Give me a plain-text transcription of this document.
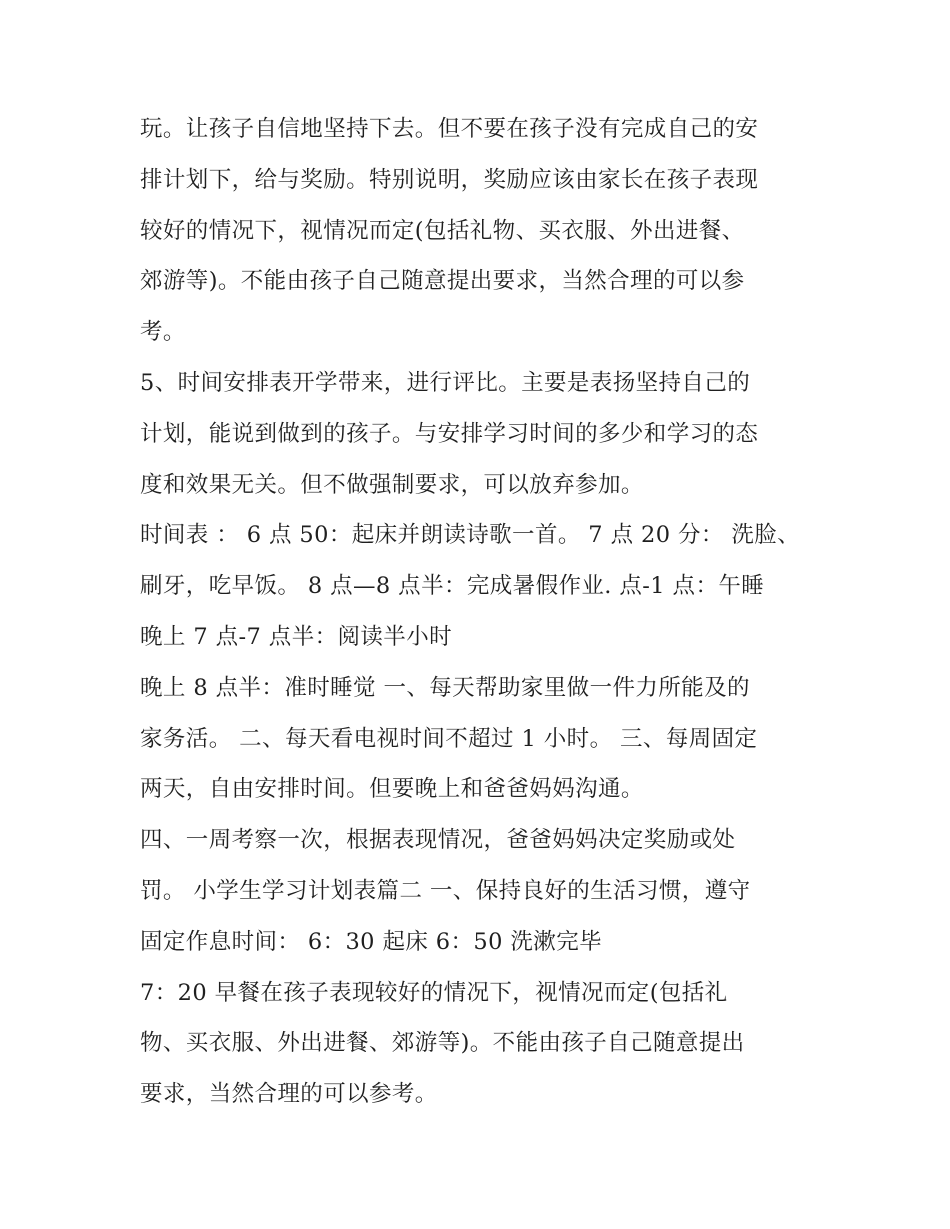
玩。让孩子自信地坚持下去。但不要在孩子没有完成自己的安
排计划下，给与奖励。特别说明，奖励应该由家长在孩子表现
较好的情况下，视情况而定(包括礼物、买衣服、外出进餐、
郊游等)。不能由孩子自己随意提出要求，当然合理的可以参
考。
5、时间安排表开学带来，进行评比。主要是表扬坚持自己的
计划，能说到做到的孩子。与安排学习时间的多少和学习的态
度和效果无关。但不做强制要求，可以放弃参加。
时间表 ： 6 点 50：起床并朗读诗歌一首。 7 点 20 分： 洗脸、
刷牙，吃早饭。 8 点—8 点半：完成暑假作业. 点-1 点：午睡
晚上 7 点-7 点半：阅读半小时
晚上 8 点半：准时睡觉 一、每天帮助家里做一件力所能及的
家务活。 二、每天看电视时间不超过 1 小时。 三、每周固定
两天，自由安排时间。但要晚上和爸爸妈妈沟通。
四、一周考察一次，根据表现情况，爸爸妈妈决定奖励或处
罚。 小学生学习计划表篇二 一、保持良好的生活习惯，遵守
固定作息时间： 6：30 起床 6：50 洗漱完毕
7：20 早餐在孩子表现较好的情况下，视情况而定(包括礼
物、买衣服、外出进餐、郊游等)。不能由孩子自己随意提出
要求，当然合理的可以参考。
